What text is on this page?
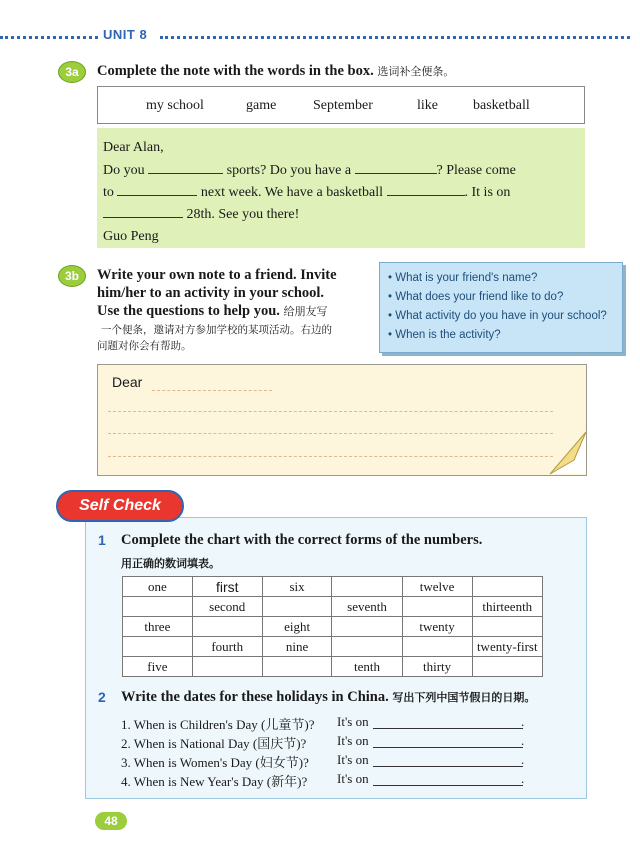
UNIT 8
3a	Complete the note with the words in the box. 选词补全便条。
my school	game	September	like	basketball
Dear Alan,
Do you	sports? Do you have a	? Please come
to	next week. We have a basketball	. It is on
28th. See you there!
Guo Peng
3b	Write your own note to a friend. Invite
him/her to an activity in your school.
Use the questions to help you. 给朋友写
一个便条，邀请对方参加学校的某项活动。右边的
问题对你会有帮助。
• What is your friend's name?
• What does your friend like to do?
• What activity do you have in your school?
• When is the activity?
Dear
Self Check
1 Complete the chart with the correct forms of the numbers.
用正确的数词填表。
one	first	six		twelve	
	second		seventh		thirteenth
three		eight		twenty	
	fourth	nine			twenty-first
five			tenth	thirty	
2 Write the dates for these holidays in China. 写出下列中国节假日的日期。
1. When is Children's Day (儿童节)? It's on	.
2. When is National Day (国庆节)? It's on	.
3. When is Women's Day (妇女节)? It's on	.
4. When is New Year's Day (新年)? It's on	.
48
